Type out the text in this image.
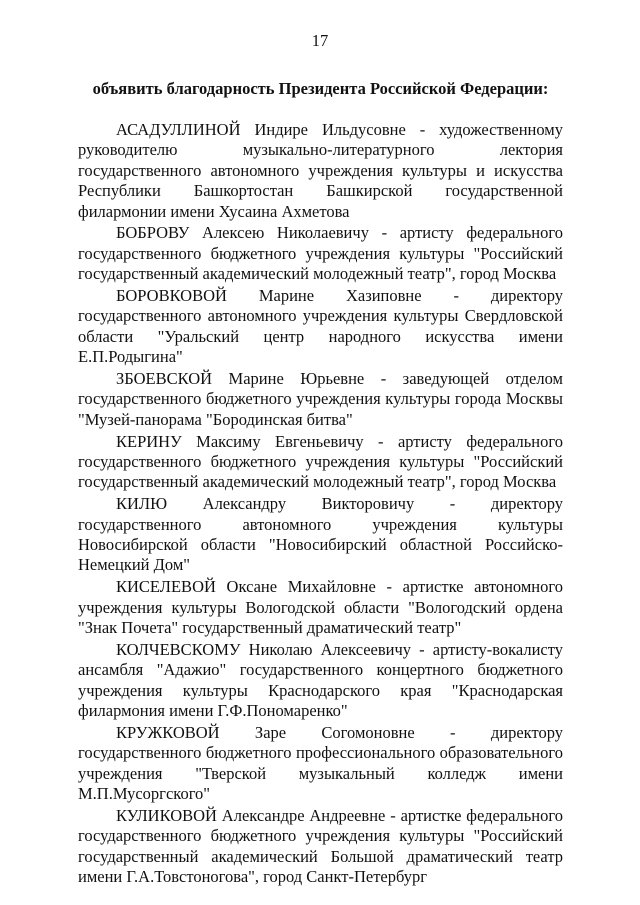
17
объявить благодарность Президента Российской Федерации:

АСАДУЛЛИНОЙ Индире Ильдусовне - художественному руководителю музыкально-литературного лектория государственного автономного учреждения культуры и искусства Республики Башкортостан Башкирской государственной филармонии имени Хусаина Ахметова

БОБРОВУ Алексею Николаевичу - артисту федерального государственного бюджетного учреждения культуры "Российский государственный академический молодежный театр", город Москва

БОРОВКОВОЙ Марине Хазиповне - директору государственного автономного учреждения культуры Свердловской области "Уральский центр народного искусства имени Е.П.Родыгина"

ЗБОЕВСКОЙ Марине Юрьевне - заведующей отделом государственного бюджетного учреждения культуры города Москвы "Музей-панорама "Бородинская битва"

КЕРИНУ Максиму Евгеньевичу - артисту федерального государственного бюджетного учреждения культуры "Российский государственный академический молодежный театр", город Москва

КИЛЮ Александру Викторовичу - директору государственного автономного учреждения культуры Новосибирской области "Новосибирский областной Российско-Немецкий Дом"

КИСЕЛЕВОЙ Оксане Михайловне - артистке автономного учреждения культуры Вологодской области "Вологодский ордена "Знак Почета" государственный драматический театр"

КОЛЧЕВСКОМУ Николаю Алексеевичу - артисту-вокалисту ансамбля "Адажио" государственного концертного бюджетного учреждения культуры Краснодарского края "Краснодарская филармония имени Г.Ф.Пономаренко"

КРУЖКОВОЙ Заре Согомоновне - директору государственного бюджетного профессионального образовательного учреждения "Тверской музыкальный колледж имени М.П.Мусоргского"

КУЛИКОВОЙ Александре Андреевне - артистке федерального государственного бюджетного учреждения культуры "Российский государственный академический Большой драматический театр имени Г.А.Товстоногова", город Санкт-Петербург
